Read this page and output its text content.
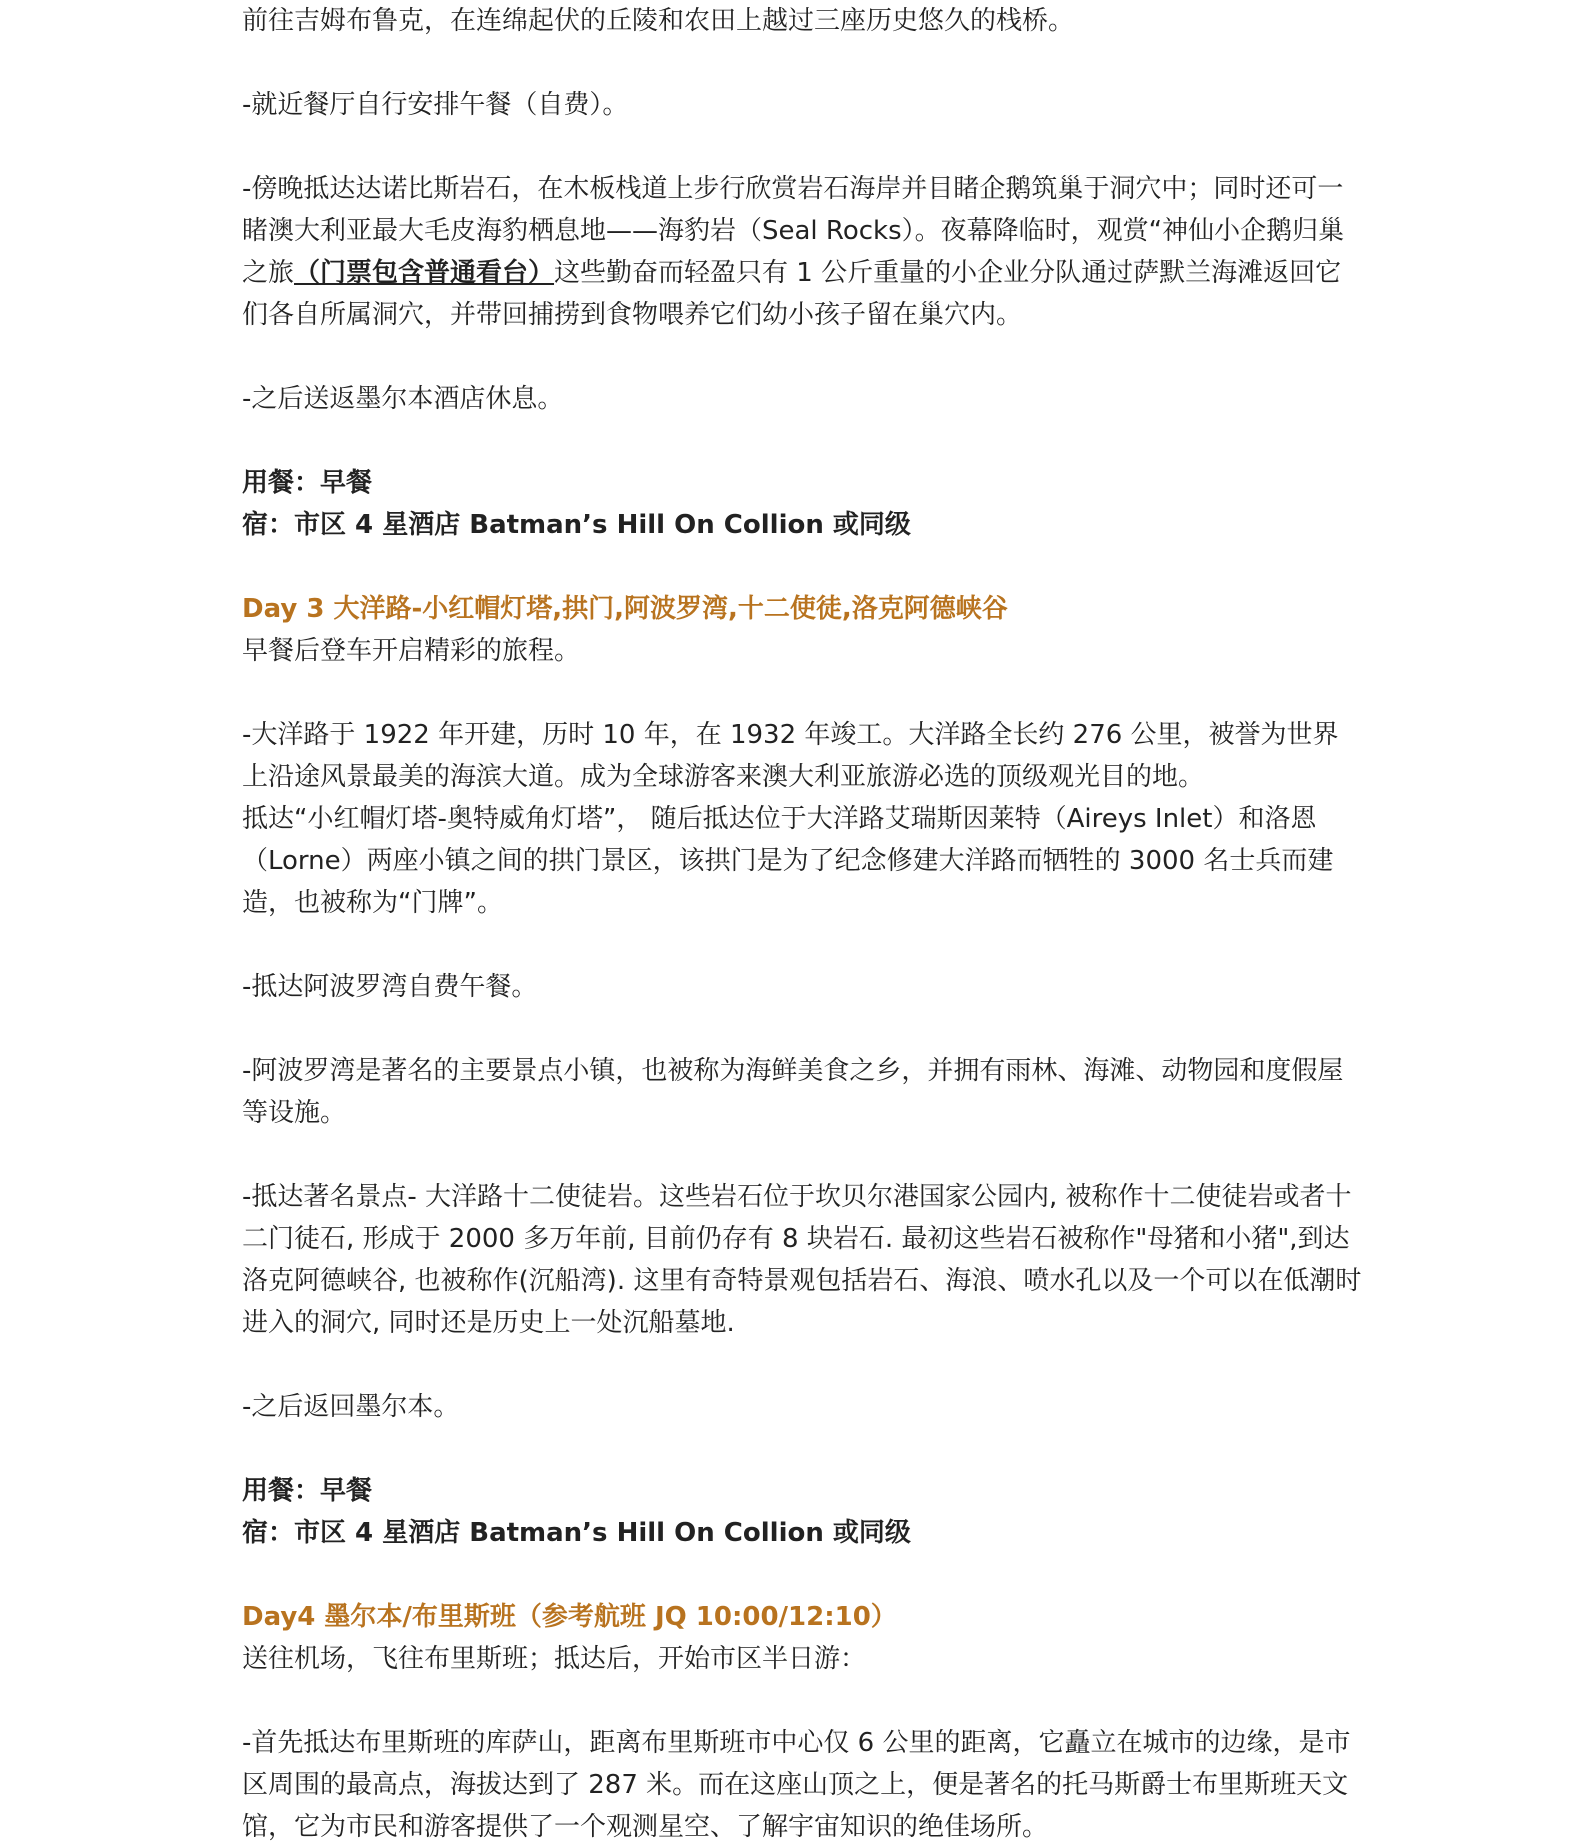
前往吉姆布鲁克，在连绵起伏的丘陵和农田上越过三座历史悠久的栈桥。

-就近餐厅自行安排午餐（自费）。

-傍晚抵达达诺比斯岩石，在木板栈道上步行欣赏岩石海岸并目睹企鹅筑巢于洞穴中；同时还可一睹澳大利亚最大毛皮海豹栖息地——海豹岩（Seal Rocks）。夜幕降临时，观赏“神仙小企鹅归巢之旅（门票包含普通看台）这些勤奋而轻盈只有 1 公斤重量的小企业分队通过萨默兰海滩返回它们各自所属洞穴，并带回捕捞到食物喂养它们幼小孩子留在巢穴内。

-之后送返墨尔本酒店休息。

用餐：早餐

宿：市区 4 星酒店 Batman’s Hill On Collion 或同级

Day 3 大洋路-小红帽灯塔,拱门,阿波罗湾,十二使徒,洛克阿德峡谷

早餐后登车开启精彩的旅程。

-大洋路于 1922 年开建，历时 10 年，在 1932 年竣工。大洋路全长约 276 公里，被誉为世界上沿途风景最美的海滨大道。成为全球游客来澳大利亚旅游必选的顶级观光目的地。

抵达“小红帽灯塔-奥特威角灯塔”， 随后抵达位于大洋路艾瑞斯因莱特（Aireys Inlet）和洛恩（Lorne）两座小镇之间的拱门景区，该拱门是为了纪念修建大洋路而牺牲的 3000 名士兵而建造，也被称为“门牌”。

-抵达阿波罗湾自费午餐。

-阿波罗湾是著名的主要景点小镇，也被称为海鲜美食之乡，并拥有雨林、海滩、动物园和度假屋等设施。

-抵达著名景点- 大洋路十二使徒岩。这些岩石位于坎贝尔港国家公园内, 被称作十二使徒岩或者十二门徒石, 形成于 2000 多万年前, 目前仍存有 8 块岩石. 最初这些岩石被称作"母猪和小猪",到达洛克阿德峡谷, 也被称作(沉船湾). 这里有奇特景观包括岩石、海浪、喷水孔以及一个可以在低潮时进入的洞穴, 同时还是历史上一处沉船墓地.

-之后返回墨尔本。

用餐：早餐

宿：市区 4 星酒店 Batman’s Hill On Collion 或同级

Day4 墨尔本/布里斯班（参考航班 JQ 10:00/12:10）

送往机场，飞往布里斯班；抵达后，开始市区半日游：

-首先抵达布里斯班的库萨山，距离布里斯班市中心仅 6 公里的距离，它矗立在城市的边缘，是市区周围的最高点，海拔达到了 287 米。而在这座山顶之上，便是著名的托马斯爵士布里斯班天文馆，它为市民和游客提供了一个观测星空、了解宇宙知识的绝佳场所。
